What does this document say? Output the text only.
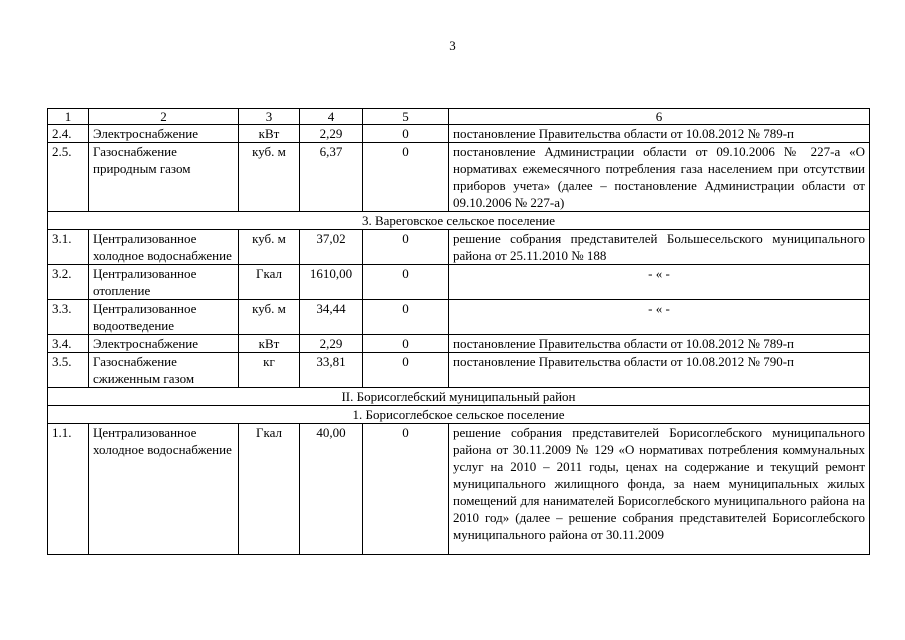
3
1	2	3	4	5	6
2.4.	Электроснабжение	кВт	2,29	0	постановление Правительства области от 10.08.2012 № 789-п
2.5.	Газоснабжение природным газом	куб. м	6,37	0	постановление Администрации области от 09.10.2006 № 227-а «О нормативах ежемесячного потребления газа населением при отсутствии приборов учета» (далее – постановление Администрации области от 09.10.2006 № 227-а)
3. Вареговское сельское поселение					
3.1.	Централизованное холодное водоснабжение	куб. м	37,02	0	решение собрания представителей Большесельского муниципального района от 25.11.2010 № 188
3.2.	Централизованное отопление	Гкал	1610,00	0	- « -
3.3.	Централизованное водоотведение	куб. м	34,44	0	- « -
3.4.	Электроснабжение	кВт	2,29	0	постановление Правительства области от 10.08.2012 № 789-п
3.5.	Газоснабжение сжиженным газом	кг	33,81	0	постановление Правительства области от 10.08.2012 № 790-п
II. Борисоглебский муниципальный район					
1. Борисоглебское сельское поселение					
1.1.	Централизованное холодное водоснабжение	Гкал	40,00	0	решение собрания представителей Борисоглебского муниципального района от 30.11.2009 № 129 «О нормативах потребления коммунальных услуг на 2010 – 2011 годы, ценах на содержание и текущий ремонт муниципального жилищного фонда, за наем муниципальных жилых помещений для нанимателей Борисоглебского муниципального района на 2010 год» (далее – решение собрания представителей Борисоглебского муниципального района от 30.11.2009
